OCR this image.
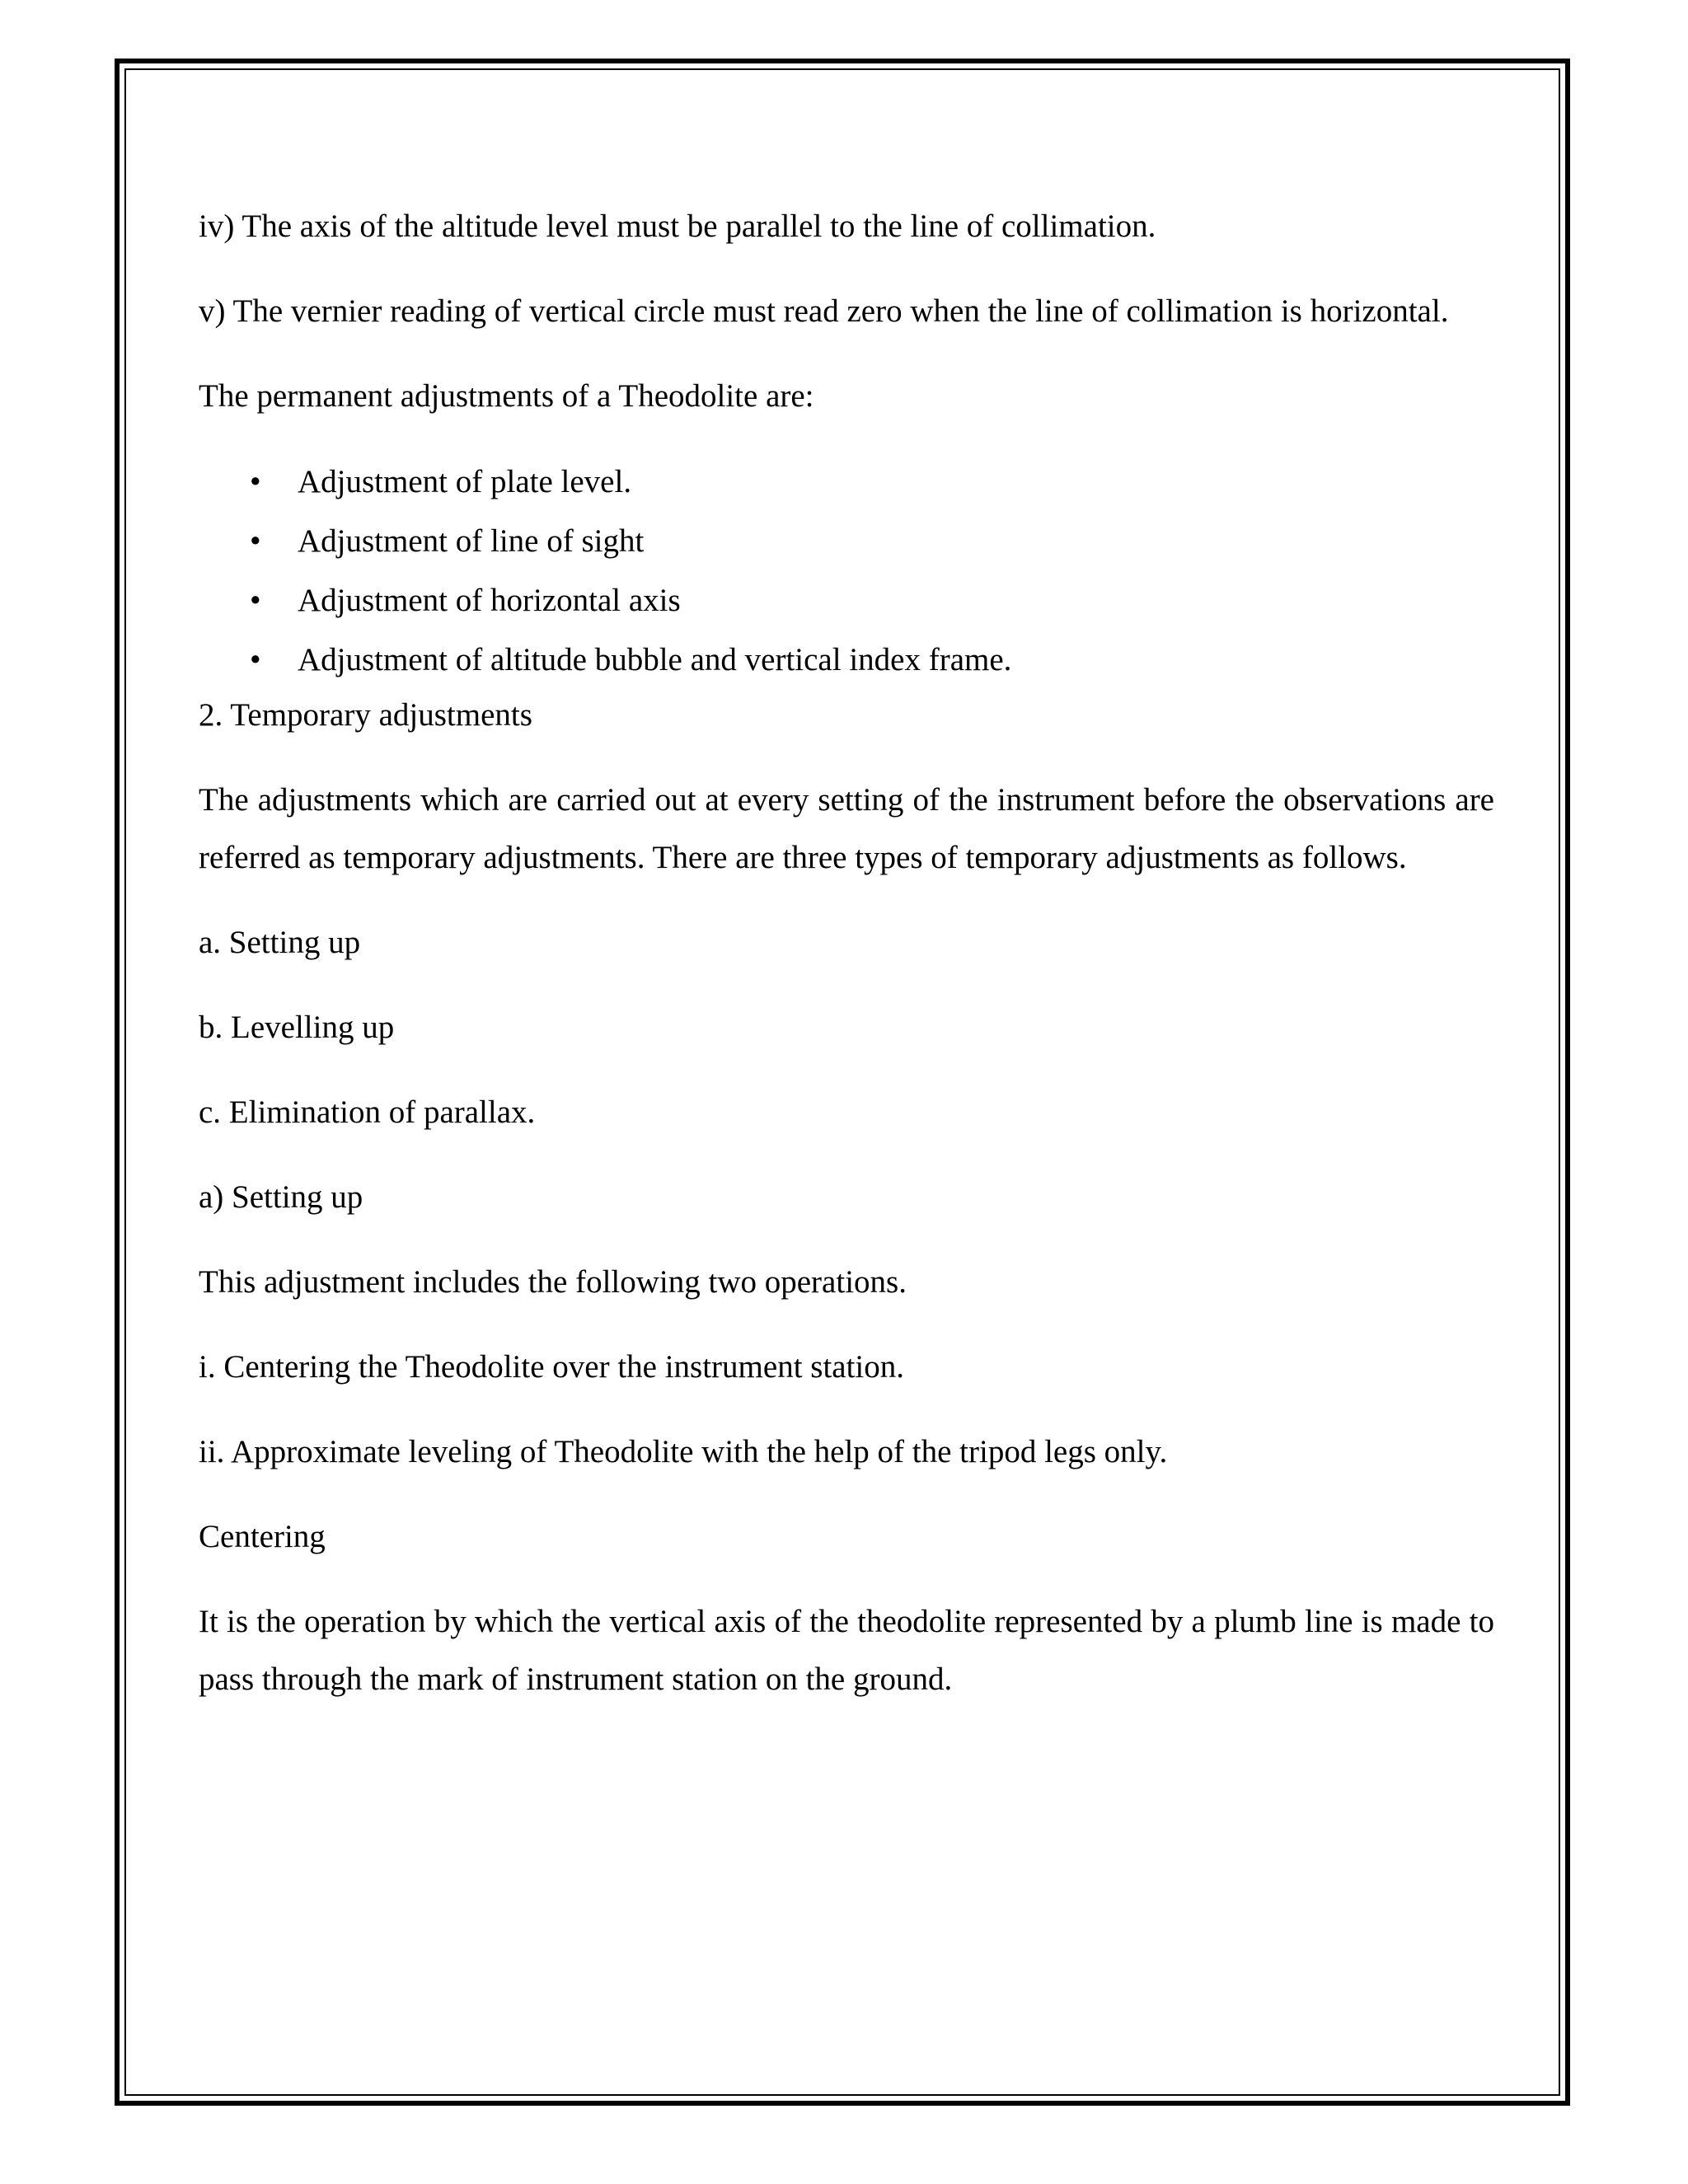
iv) The axis of the altitude level must be parallel to the line of collimation.

v) The vernier reading of vertical circle must read zero when the line of collimation is horizontal.

The permanent adjustments of a Theodolite are:

• Adjustment of plate level.
• Adjustment of line of sight
• Adjustment of horizontal axis
• Adjustment of altitude bubble and vertical index frame.

2. Temporary adjustments

The adjustments which are carried out at every setting of the instrument before the observations are referred as temporary adjustments. There are three types of temporary adjustments as follows.

a. Setting up

b. Levelling up

c. Elimination of parallax.

a) Setting up

This adjustment includes the following two operations.

i. Centering the Theodolite over the instrument station.

ii. Approximate leveling of Theodolite with the help of the tripod legs only.

Centering

It is the operation by which the vertical axis of the theodolite represented by a plumb line is made to pass through the mark of instrument station on the ground.
